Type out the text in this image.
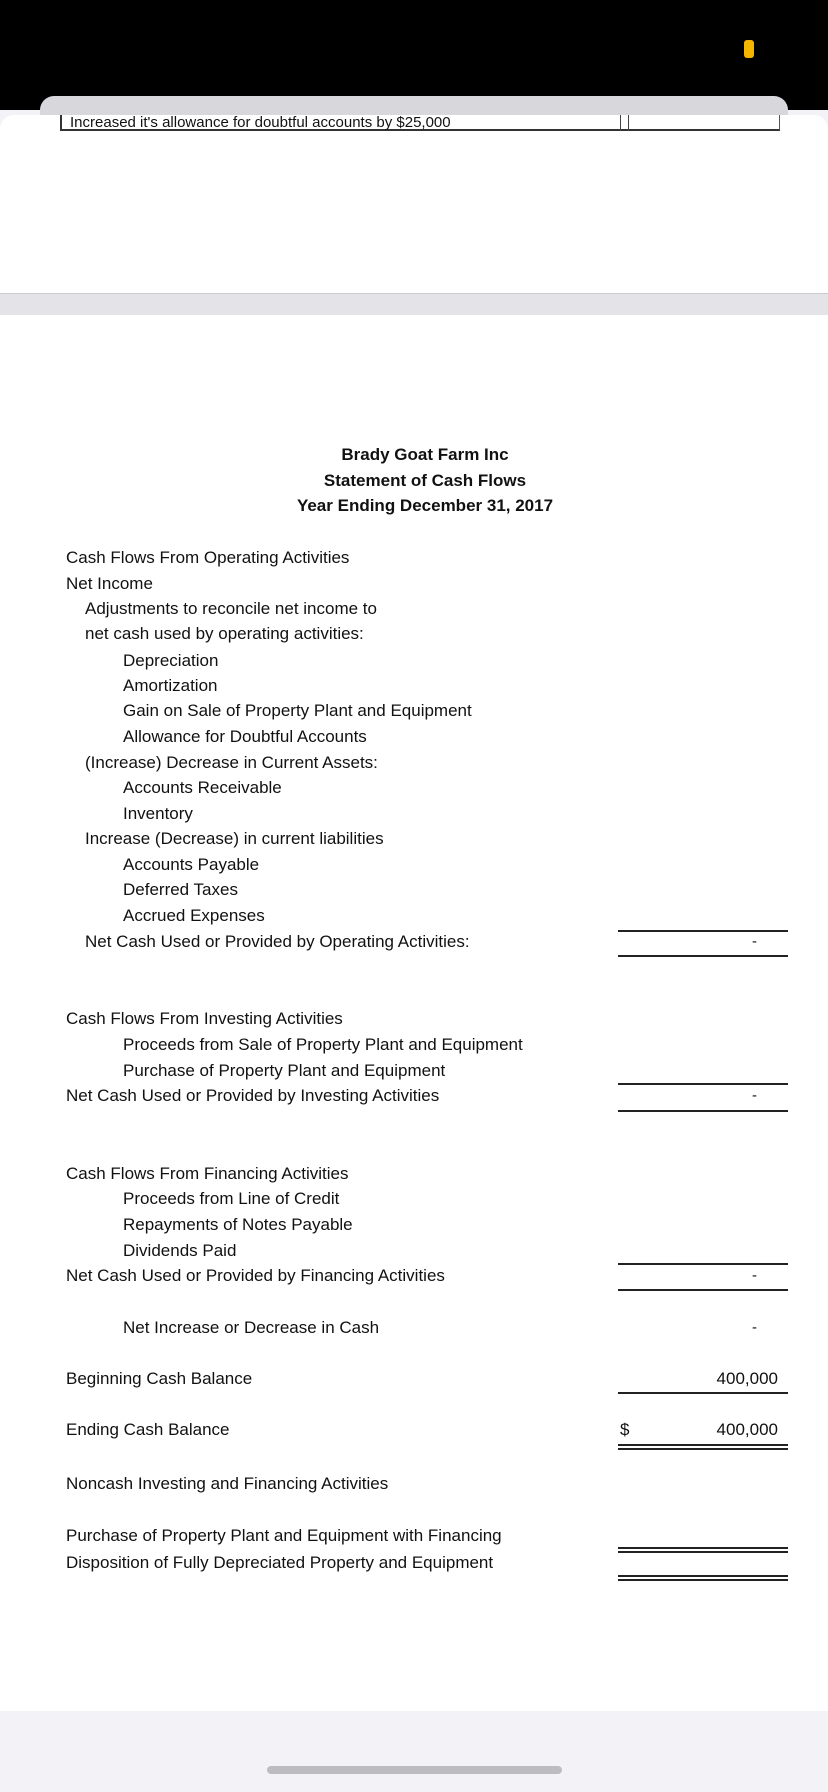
Increased it's allowance for doubtful accounts by $25,000
Brady Goat Farm Inc
Statement of Cash Flows
Year Ending December 31, 2017
Cash Flows From Operating Activities
Net Income
Adjustments to reconcile net income to
net cash used by operating activities:
Depreciation
Amortization
Gain on Sale of Property Plant and Equipment
Allowance for Doubtful Accounts
(Increase) Decrease in Current Assets:
Accounts Receivable
Inventory
Increase (Decrease) in current liabilities
Accounts Payable
Deferred Taxes
Accrued Expenses
Net Cash Used or Provided by Operating Activities:	-
Cash Flows From Investing Activities
Proceeds from Sale of Property Plant and Equipment
Purchase of Property Plant and Equipment
Net Cash Used or Provided by Investing Activities	-
Cash Flows From Financing Activities
Proceeds from Line of Credit
Repayments of Notes Payable
Dividends Paid
Net Cash Used or Provided by Financing Activities	-
Net Increase or Decrease in Cash	-
Beginning Cash Balance	400,000
Ending Cash Balance	$	400,000
Noncash Investing and Financing Activities
Purchase of Property Plant and Equipment with Financing
Disposition of Fully Depreciated Property and Equipment
